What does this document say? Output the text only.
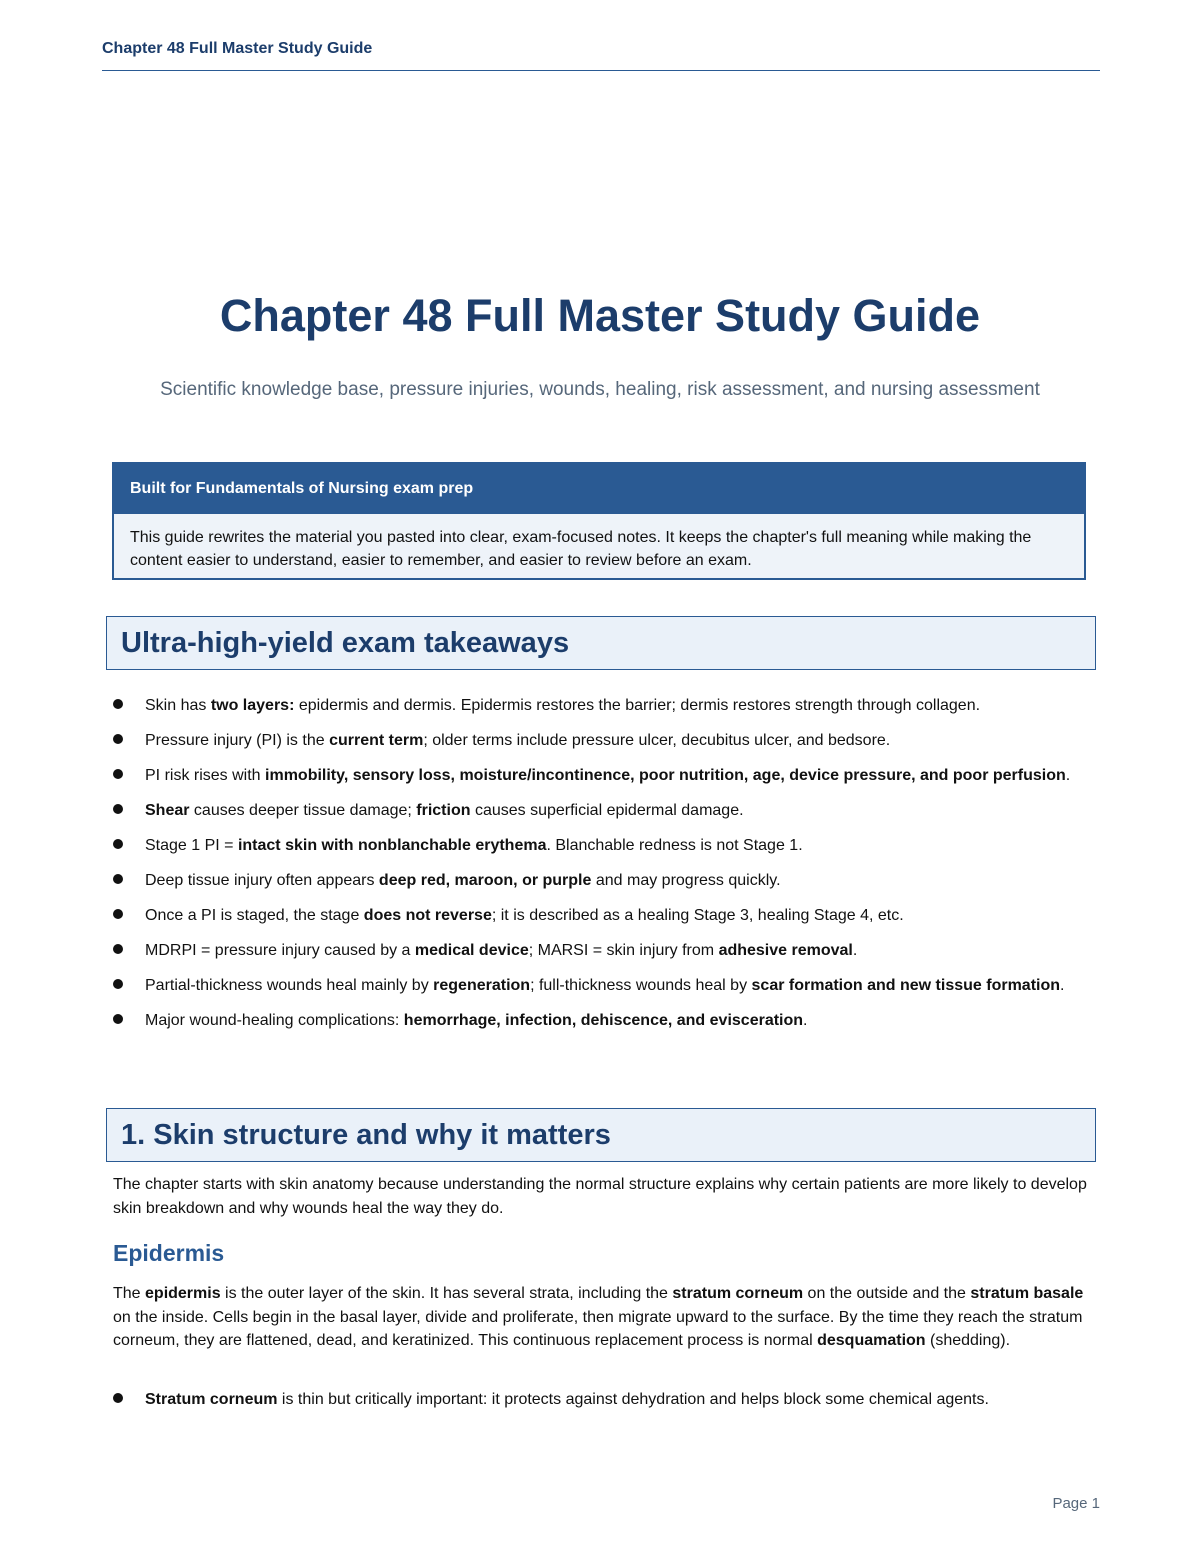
Chapter 48 Full Master Study Guide
Chapter 48 Full Master Study Guide
Scientific knowledge base, pressure injuries, wounds, healing, risk assessment, and nursing assessment
Built for Fundamentals of Nursing exam prep
This guide rewrites the material you pasted into clear, exam-focused notes. It keeps the chapter's full meaning while making the content easier to understand, easier to remember, and easier to review before an exam.
Ultra-high-yield exam takeaways
Skin has two layers: epidermis and dermis. Epidermis restores the barrier; dermis restores strength through collagen.
Pressure injury (PI) is the current term; older terms include pressure ulcer, decubitus ulcer, and bedsore.
PI risk rises with immobility, sensory loss, moisture/incontinence, poor nutrition, age, device pressure, and poor perfusion.
Shear causes deeper tissue damage; friction causes superficial epidermal damage.
Stage 1 PI = intact skin with nonblanchable erythema. Blanchable redness is not Stage 1.
Deep tissue injury often appears deep red, maroon, or purple and may progress quickly.
Once a PI is staged, the stage does not reverse; it is described as a healing Stage 3, healing Stage 4, etc.
MDRPI = pressure injury caused by a medical device; MARSI = skin injury from adhesive removal.
Partial-thickness wounds heal mainly by regeneration; full-thickness wounds heal by scar formation and new tissue formation.
Major wound-healing complications: hemorrhage, infection, dehiscence, and evisceration.
1. Skin structure and why it matters
The chapter starts with skin anatomy because understanding the normal structure explains why certain patients are more likely to develop skin breakdown and why wounds heal the way they do.
Epidermis
The epidermis is the outer layer of the skin. It has several strata, including the stratum corneum on the outside and the stratum basale on the inside. Cells begin in the basal layer, divide and proliferate, then migrate upward to the surface. By the time they reach the stratum corneum, they are flattened, dead, and keratinized. This continuous replacement process is normal desquamation (shedding).
Stratum corneum is thin but critically important: it protects against dehydration and helps block some chemical agents.
Page 1
